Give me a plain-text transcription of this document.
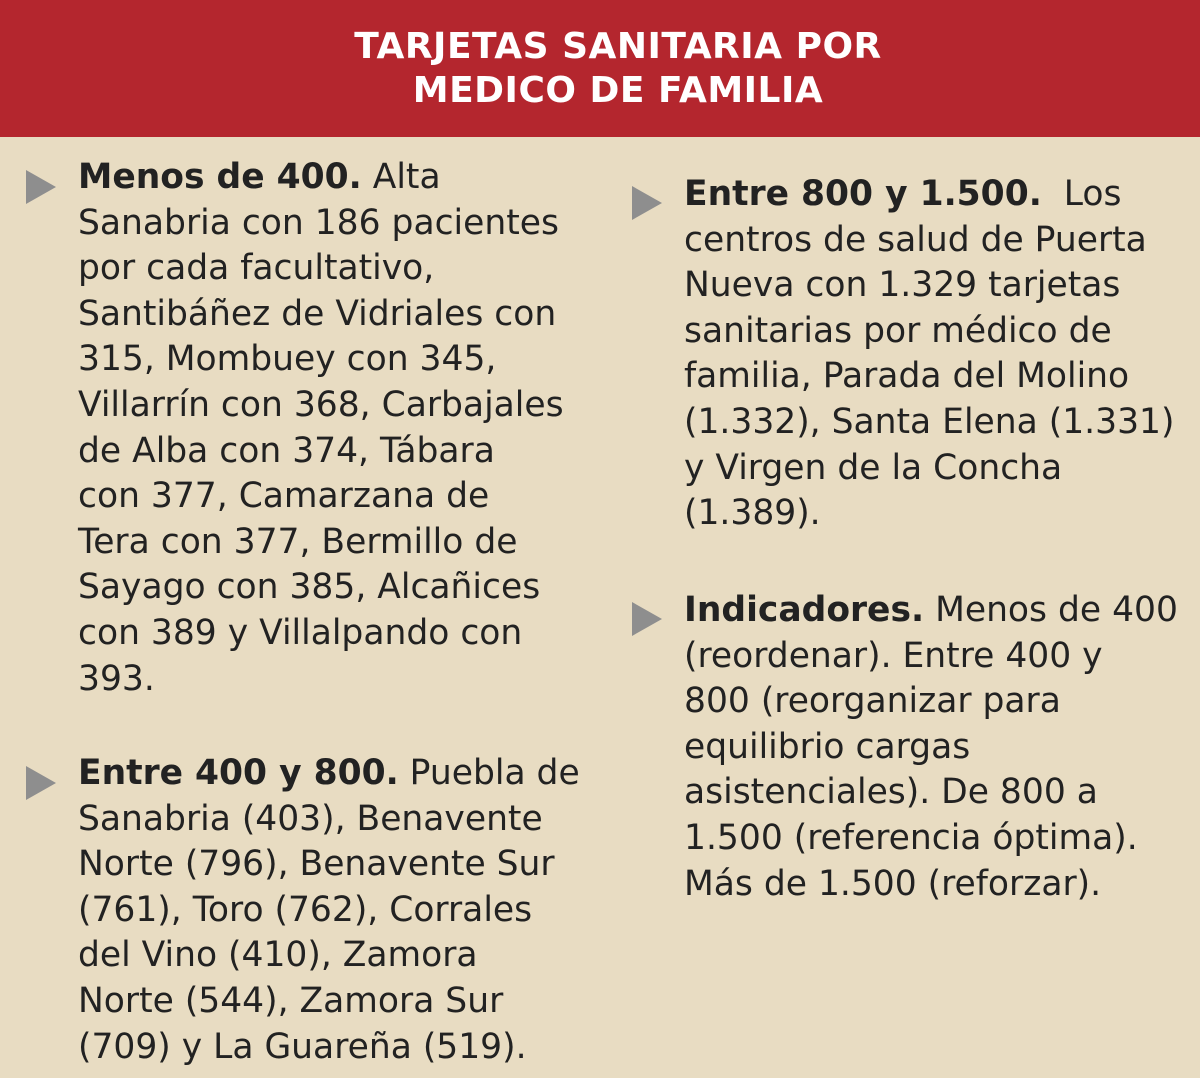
TARJETAS SANITARIA POR
MEDICO DE FAMILIA

Menos de 400. Alta
Sanabria con 186 pacientes
por cada facultativo,
Santibáñez de Vidriales con
315, Mombuey con 345,
Villarrín con 368, Carbajales
de Alba con 374, Tábara
con 377, Camarzana de
Tera con 377, Bermillo de
Sayago con 385, Alcañices
con 389 y Villalpando con
393.

Entre 400 y 800. Puebla de
Sanabria (403), Benavente
Norte (796), Benavente Sur
(761), Toro (762), Corrales
del Vino (410), Zamora
Norte (544), Zamora Sur
(709) y La Guareña (519).

Entre 800 y 1.500. Los
centros de salud de Puerta
Nueva con 1.329 tarjetas
sanitarias por médico de
familia, Parada del Molino
(1.332), Santa Elena (1.331)
y Virgen de la Concha
(1.389).

Indicadores. Menos de 400
(reordenar). Entre 400 y
800 (reorganizar para
equilibrio cargas
asistenciales). De 800 a
1.500 (referencia óptima).
Más de 1.500 (reforzar).
